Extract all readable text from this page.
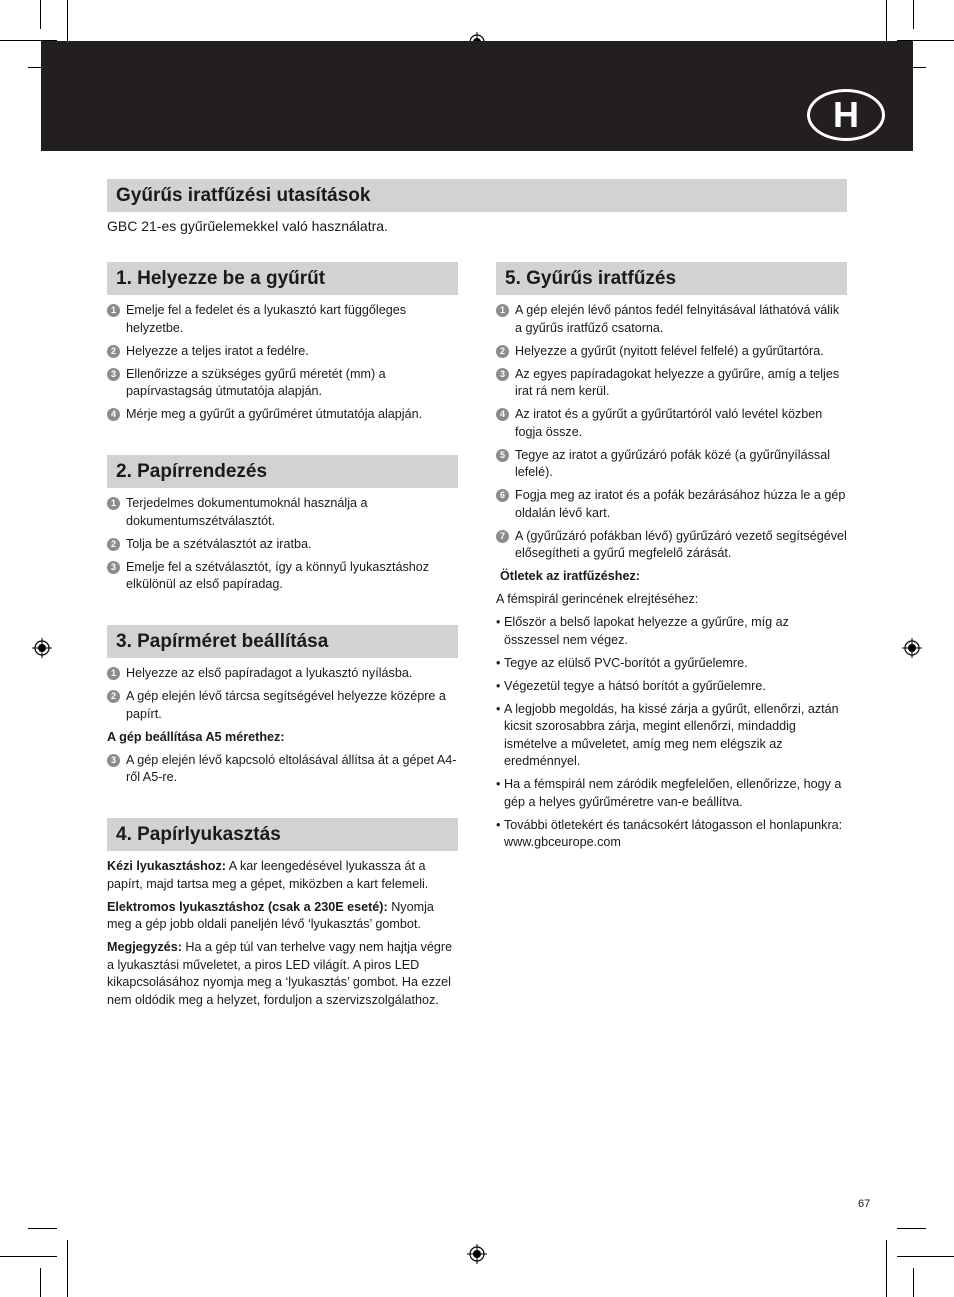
H
Gyűrűs iratfűzési utasítások
GBC 21-es gyűrűelemekkel való használatra.
1. Helyezze be a gyűrűt
1 Emelje fel a fedelet és a lyukasztó kart függőleges helyzetbe.
2 Helyezze a teljes iratot a fedélre.
3 Ellenőrizze a szükséges gyűrű méretét (mm) a papírvastagság útmutatója alapján.
4 Mérje meg a gyűrűt a gyűrűméret útmutatója alapján.
2. Papírrendezés
1 Terjedelmes dokumentumoknál használja a dokumentumszétválasztót.
2 Tolja be a szétválasztót az iratba.
3 Emelje fel a szétválasztót, így a könnyű lyukasztáshoz elkülönül az első papíradag.
3. Papírméret beállítása
1 Helyezze az első papíradagot a lyukasztó nyílásba.
2 A gép elején lévő tárcsa segítségével helyezze középre a papírt.
A gép beállítása A5 mérethez:
3 A gép elején lévő kapcsoló eltolásával állítsa át a gépet A4-ről A5-re.
4. Papírlyukasztás
Kézi lyukasztáshoz: A kar leengedésével lyukassza át a papírt, majd tartsa meg a gépet, miközben a kart felemeli.
Elektromos lyukasztáshoz (csak a 230E eseté): Nyomja meg a gép jobb oldali paneljén lévő ‘lyukasztás’ gombot.
Megjegyzés: Ha a gép túl van terhelve vagy nem hajtja végre a lyukasztási műveletet, a piros LED világít. A piros LED kikapcsolásához nyomja meg a ‘lyukasztás’ gombot. Ha ezzel nem oldódik meg a helyzet, forduljon a szervizszolgálathoz.
5. Gyűrűs iratfűzés
1 A gép elején lévő pántos fedél felnyitásával láthatóvá válik a gyűrűs iratfűző csatorna.
2 Helyezze a gyűrűt (nyitott felével felfelé) a gyűrűtartóra.
3 Az egyes papíradagokat helyezze a gyűrűre, amíg a teljes irat rá nem kerül.
4 Az iratot és a gyűrűt a gyűrűtartóról való levétel közben fogja össze.
5 Tegye az iratot a gyűrűzáró pofák közé (a gyűrűnyílással lefelé).
6 Fogja meg az iratot és a pofák bezárásához húzza le a gép oldalán lévő kart.
7 A (gyűrűzáró pofákban lévő) gyűrűzáró vezető segítségével elősegítheti a gyűrű megfelelő zárását.
Ötletek az iratfűzéshez:
A fémspirál gerincének elrejtéséhez:
• Először a belső lapokat helyezze a gyűrűre, míg az összessel nem végez.
• Tegye az elülső PVC-borítót a gyűrűelemre.
• Végezetül tegye a hátsó borítót a gyűrűelemre.
• A legjobb megoldás, ha kissé zárja a gyűrűt, ellenőrzi, aztán kicsit szorosabbra zárja, megint ellenőrzi, mindaddig ismételve a műveletet, amíg meg nem elégszik az eredménnyel.
• Ha a fémspirál nem záródik megfelelően, ellenőrizze, hogy a gép a helyes gyűrűméretre van-e beállítva.
• További ötletekért és tanácsokért látogasson el honlapunkra: www.gbceurope.com
67
